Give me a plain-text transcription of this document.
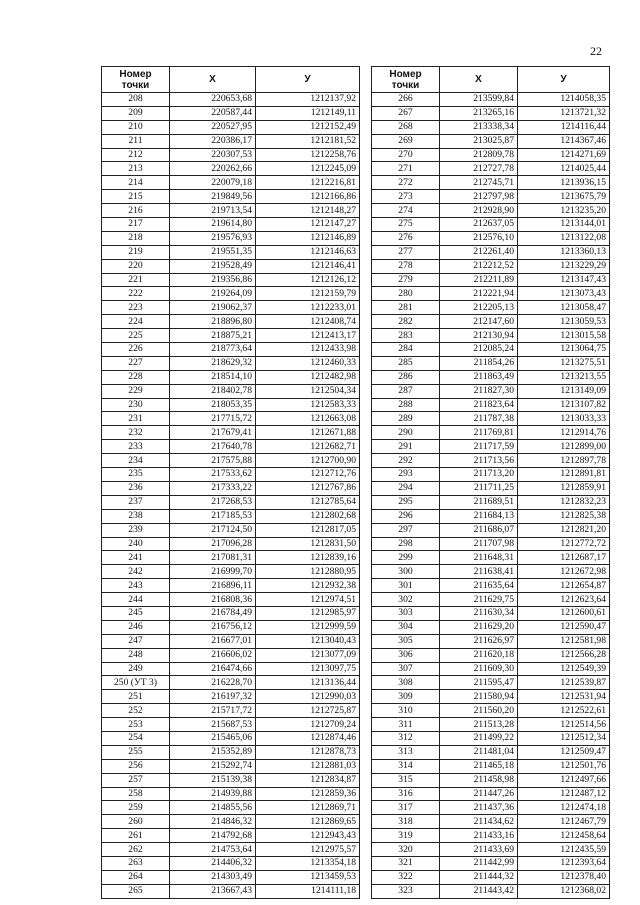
22
Номер
точки	X	У
208	220653,68	1212137,92
209	220587,44	1212149,11
210	220527,95	1212152,49
211	220386,17	1212181,52
212	220307,53	1212258,76
213	220262,66	1212245,09
214	220079,18	1212216,81
215	219849,56	1212166,86
216	219713,54	1212148,27
217	219614,80	1212147,27
218	219576,93	1212146,89
219	219551,35	1212146,63
220	219528,49	1212146,41
221	219356,86	1212126,12
222	219264,09	1212159,79
223	219062,37	1212233,01
224	218896,80	1212408,74
225	218875,21	1212413,17
226	218773,64	1212433,98
227	218629,32	1212460,33
228	218514,10	1212482,98
229	218402,78	1212504,34
230	218053,35	1212583,33
231	217715,72	1212663,08
232	217679,41	1212671,88
233	217640,78	1212682,71
234	217575,88	1212700,90
235	217533,62	1212712,76
236	217333,22	1212767,86
237	217268,53	1212785,64
238	217185,53	1212802,68
239	217124,50	1212817,05
240	217096,28	1212831,50
241	217081,31	1212839,16
242	216999,70	1212880,95
243	216896,11	1212932,38
244	216808,36	1212974,51
245	216784,49	1212985,97
246	216756,12	1212999,59
247	216677,01	1213040,43
248	216606,02	1213077,09
249	216474,66	1213097,75
250 (УТ 3)	216228,70	1213136,44
251	216197,32	1212990,03
252	215717,72	1212725,87
253	215687,53	1212709,24
254	215465,06	1212874,46
255	215352,89	1212878,73
256	215292,74	1212881,03
257	215139,38	1212834,87
258	214939,88	1212859,36
259	214855,56	1212869,71
260	214846,32	1212869,65
261	214792,68	1212943,43
262	214753,64	1212975,57
263	214406,32	1213354,18
264	214303,49	1213459,53
265	213667,43	1214111,18
Номер
точки	X	У
266	213599,84	1214058,35
267	213265,16	1213721,32
268	213338,34	1214116,44
269	213025,87	1214367,46
270	212809,78	1214271,69
271	212727,78	1214025,44
272	212745,71	1213936,15
273	212797,98	1213675,79
274	212928,90	1213235,20
275	212637,05	1213144,01
276	212576,10	1213122,08
277	212261,40	1213360,13
278	212212,52	1213229,29
279	212211,89	1213147,43
280	212221,94	1213073,43
281	212205,13	1213058,47
282	212147,60	1213059,53
283	212130,94	1213015,58
284	212085,24	1213064,75
285	211854,26	1213275,51
286	211863,49	1213213,55
287	211827,30	1213149,09
288	211823,64	1213107,82
289	211787,38	1213033,33
290	211769,81	1212914,76
291	211717,59	1212899,00
292	211713,56	1212897,78
293	211713,20	1212891,81
294	211711,25	1212859,91
295	211689,51	1212832,23
296	211684,13	1212825,38
297	211686,07	1212821,20
298	211707,98	1212772,72
299	211648,31	1212687,17
300	211638,41	1212672,98
301	211635,64	1212654,87
302	211629,75	1212623,64
303	211630,34	1212600,61
304	211629,20	1212590,47
305	211626,97	1212581,98
306	211620,18	1212566,28
307	211609,30	1212549,39
308	211595,47	1212539,87
309	211580,94	1212531,94
310	211560,20	1212522,61
311	211513,28	1212514,56
312	211499,22	1212512,34
313	211481,04	1212509,47
314	211465,18	1212501,76
315	211458,98	1212497,66
316	211447,26	1212487,12
317	211437,36	1212474,18
318	211434,62	1212467,79
319	211433,16	1212458,64
320	211433,69	1212435,59
321	211442,99	1212393,64
322	211444,32	1212378,40
323	211443,42	1212368,02
